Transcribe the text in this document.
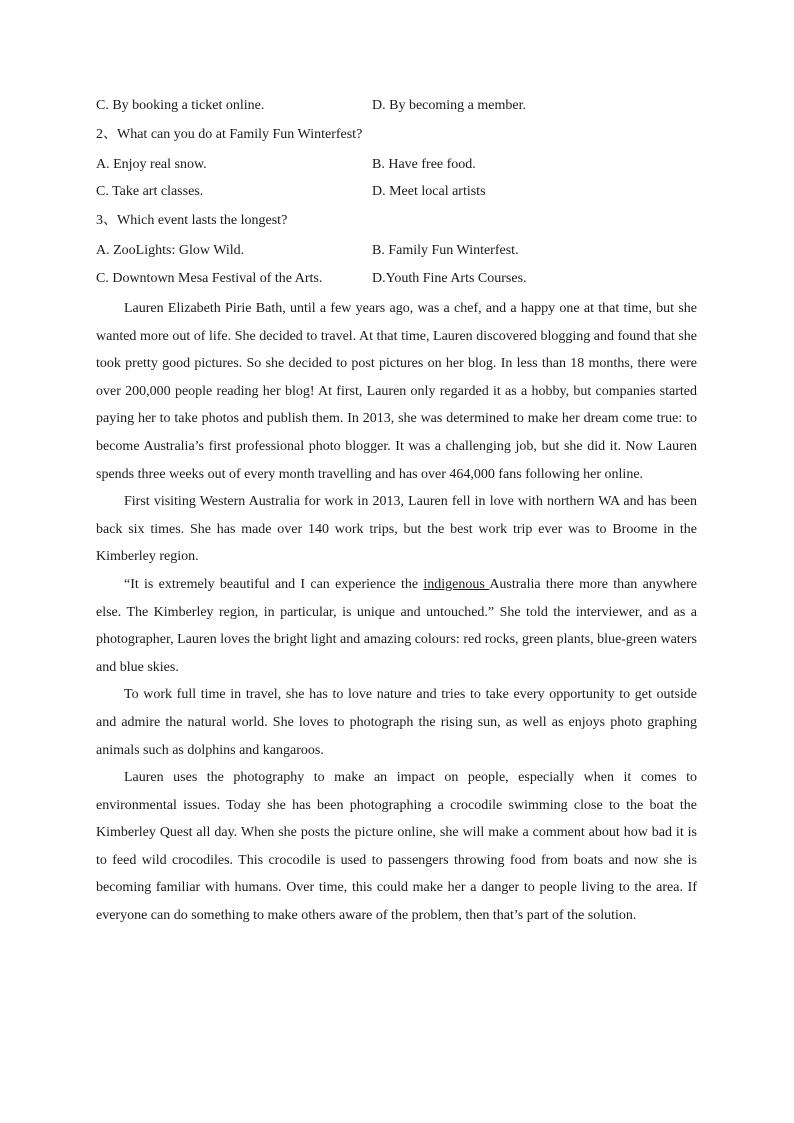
C. By booking a ticket online.	D. By becoming a member.
2、What can you do at Family Fun Winterfest?
A. Enjoy real snow.	B. Have free food.
C. Take art classes.	D. Meet local artists
3、Which event lasts the longest?
A. ZooLights: Glow Wild.	B. Family Fun Winterfest.
C. Downtown Mesa Festival of the Arts.	D.Youth Fine Arts Courses.

Lauren Elizabeth Pirie Bath, until a few years ago, was a chef, and a happy one at that time, but she wanted more out of life. She decided to travel. At that time, Lauren discovered blogging and found that she took pretty good pictures. So she decided to post pictures on her blog. In less than 18 months, there were over 200,000 people reading her blog! At first, Lauren only regarded it as a hobby, but companies started paying her to take photos and publish them. In 2013, she was determined to make her dream come true: to become Australia’s first professional photo blogger. It was a challenging job, but she did it. Now Lauren spends three weeks out of every month travelling and has over 464,000 fans following her online.

First visiting Western Australia for work in 2013, Lauren fell in love with northern WA and has been back six times. She has made over 140 work trips, but the best work trip ever was to Broome in the Kimberley region.

“It is extremely beautiful and I can experience the indigenous Australia there more than anywhere else. The Kimberley region, in particular, is unique and untouched.” She told the interviewer, and as a photographer, Lauren loves the bright light and amazing colours: red rocks, green plants, blue-green waters and blue skies.

To work full time in travel, she has to love nature and tries to take every opportunity to get outside and admire the natural world. She loves to photograph the rising sun, as well as enjoys photo graphing animals such as dolphins and kangaroos.

Lauren uses the photography to make an impact on people, especially when it comes to environmental issues. Today she has been photographing a crocodile swimming close to the boat the Kimberley Quest all day. When she posts the picture online, she will make a comment about how bad it is to feed wild crocodiles. This crocodile is used to passengers throwing food from boats and now she is becoming familiar with humans. Over time, this could make her a danger to people living to the area. If everyone can do something to make others aware of the problem, then that’s part of the solution.
